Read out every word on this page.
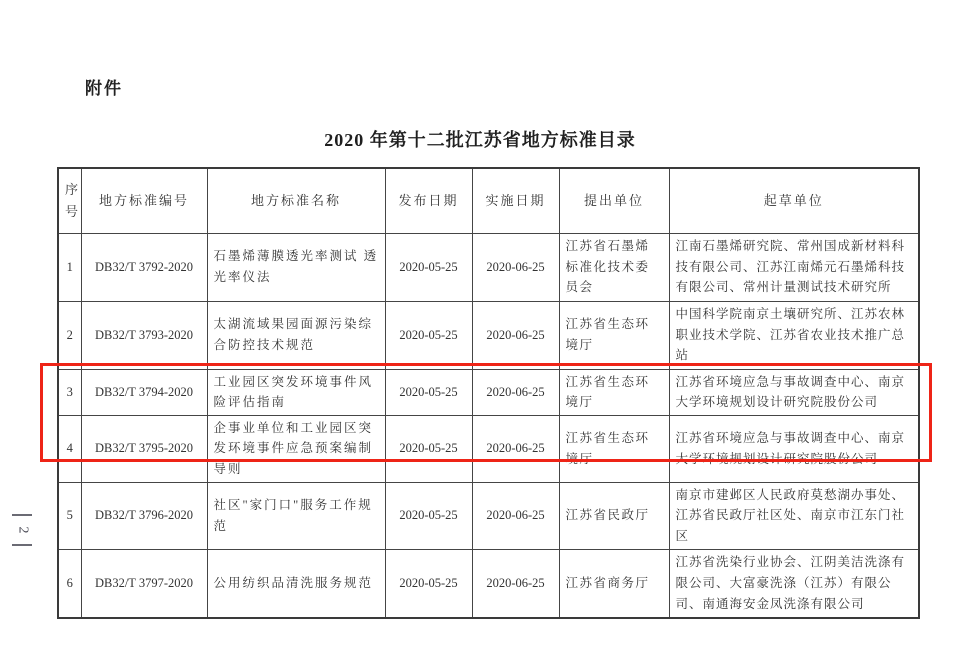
附件
2020 年第十二批江苏省地方标准目录
序号	地方标准编号	地方标准名称	发布日期	实施日期	提出单位	起草单位
1	DB32/T 3792-2020	石墨烯薄膜透光率测试 透光率仪法	2020-05-25	2020-06-25	江苏省石墨烯标准化技术委员会	江南石墨烯研究院、常州国成新材料科技有限公司、江苏江南烯元石墨烯科技有限公司、常州计量测试技术研究所
2	DB32/T 3793-2020	太湖流域果园面源污染综合防控技术规范	2020-05-25	2020-06-25	江苏省生态环境厅	中国科学院南京土壤研究所、江苏农林职业技术学院、江苏省农业技术推广总站
3	DB32/T 3794-2020	工业园区突发环境事件风险评估指南	2020-05-25	2020-06-25	江苏省生态环境厅	江苏省环境应急与事故调查中心、南京大学环境规划设计研究院股份公司
4	DB32/T 3795-2020	企事业单位和工业园区突发环境事件应急预案编制导则	2020-05-25	2020-06-25	江苏省生态环境厅	江苏省环境应急与事故调查中心、南京大学环境规划设计研究院股份公司
5	DB32/T 3796-2020	社区"家门口"服务工作规范	2020-05-25	2020-06-25	江苏省民政厅	南京市建邺区人民政府莫愁湖办事处、江苏省民政厅社区处、南京市江东门社区
6	DB32/T 3797-2020	公用纺织品清洗服务规范	2020-05-25	2020-06-25	江苏省商务厅	江苏省洗染行业协会、江阴美洁洗涤有限公司、大富豪洗涤（江苏）有限公司、南通海安金凤洗涤有限公司
2
